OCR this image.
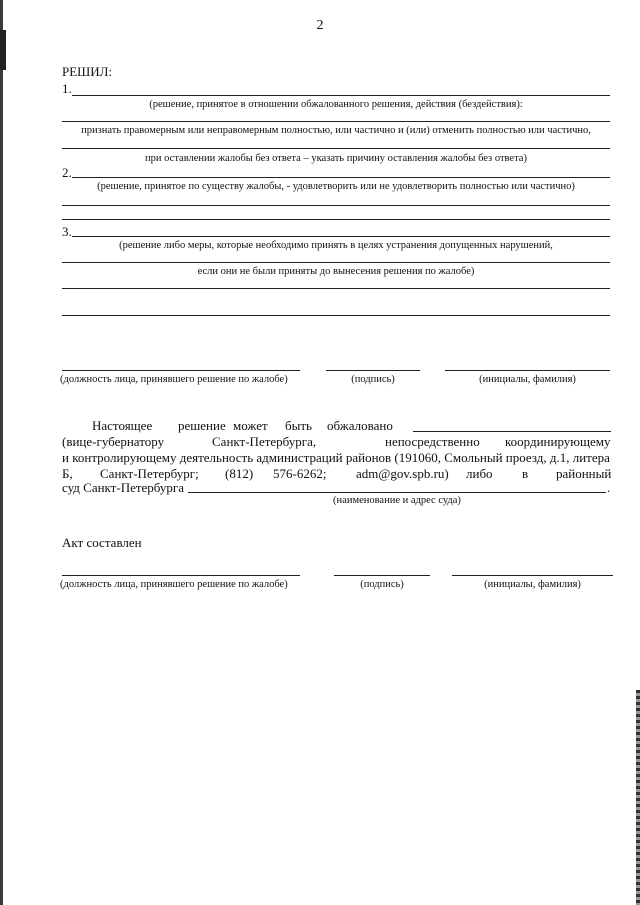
2
РЕШИЛ:
1.
(решение, принятое в отношении обжалованного решения, действия (бездействия):
признать правомерным или неправомерным полностью, или частично и (или) отменить полностью или частично,
при оставлении жалобы без ответа – указать причину оставления жалобы без ответа)
2.
(решение, принятое по существу жалобы, - удовлетворить или не удовлетворить полностью или частично)
3.
(решение либо меры, которые необходимо принять в целях устранения допущенных нарушений,
если они не были приняты до вынесения решения по жалобе)
(должность лица, принявшего решение по жалобе)	(подпись)	(инициалы, фамилия)
Настоящее решение может быть обжаловано
(вице-губернатору	Санкт-Петербурга,	непосредственно координирующему
и контролирующему деятельность администраций районов (191060, Смольный проезд, д.1, литера
Б, Санкт-Петербург; (812) 576-6262; adm@gov.spb.ru) либо в районный
суд Санкт-Петербурга	.
(наименование и адрес суда)
Акт составлен
(должность лица, принявшего решение по жалобе)	(подпись)	(инициалы, фамилия)
